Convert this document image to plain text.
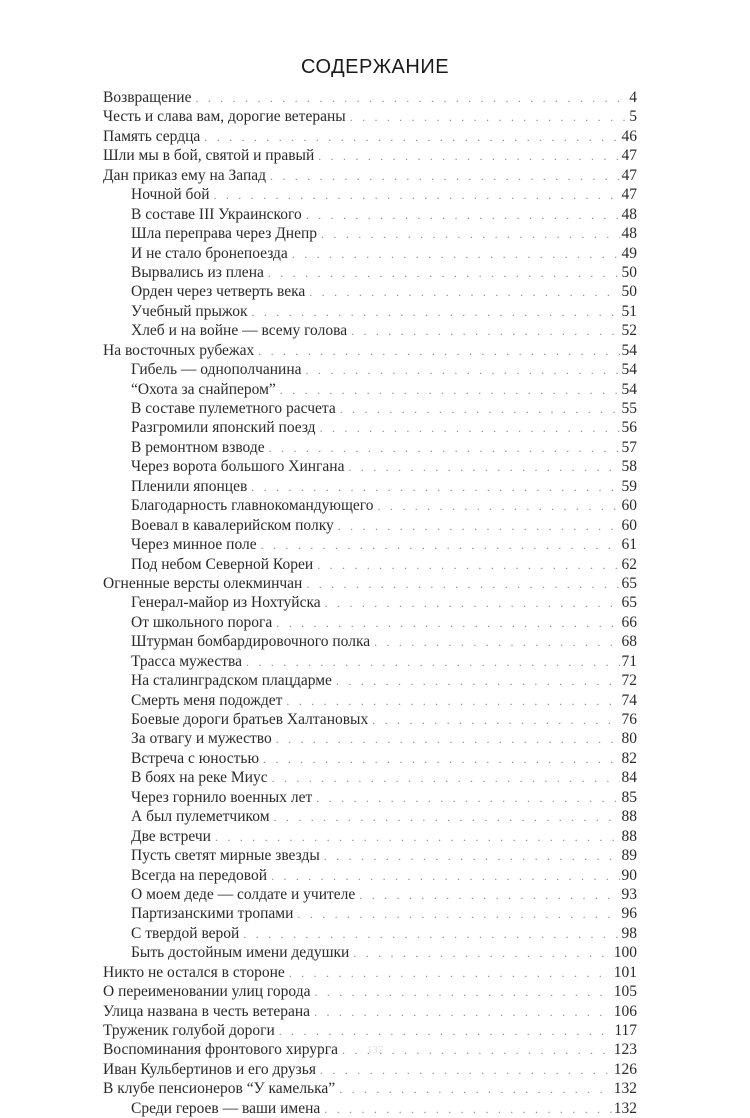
СОДЕРЖАНИЕ
Возвращение . . .	4
Честь и слава вам, дорогие ветераны . . .	5
Память сердца . . .	46
Шли мы в бой, святой и правый . . .	47
Дан приказ ему на Запад . . .	47
Ночной бой . . .	47
В составе III Украинского . . .	48
Шла переправа через Днепр . . .	48
И не стало бронепоезда . . .	49
Вырвались из плена . . .	50
Орден через четверть века . . .	50
Учебный прыжок . . .	51
Хлеб и на войне — всему голова . . .	52
На восточных рубежах . . .	54
Гибель — однополчанина . . .	54
“Охота за снайпером” . . .	54
В составе пулеметного расчета . . .	55
Разгромили японский поезд . . .	56
В ремонтном взводе . . .	57
Через ворота большого Хингана . . .	58
Пленили японцев . . .	59
Благодарность главнокомандующего . . .	60
Воевал в кавалерийском полку . . .	60
Через минное поле . . .	61
Под небом Северной Кореи . . .	62
Огненные версты олекминчан . . .	65
Генерал-майор из Нохтуйска . . .	65
От школьного порога . . .	66
Штурман бомбардировочного полка . . .	68
Трасса мужества . . .	71
На сталинградском плацдарме . . .	72
Смерть меня подождет . . .	74
Боевые дороги братьев Халтановых . . .	76
За отвагу и мужество . . .	80
Встреча с юностью . . .	82
В боях на реке Миус . . .	84
Через горнило военных лет . . .	85
А был пулеметчиком . . .	88
Две встречи . . .	88
Пусть светят мирные звезды . . .	89
Всегда на передовой . . .	90
О моем деде — солдате и учителе . . .	93
Партизанскими тропами . . .	96
С твердой верой . . .	98
Быть достойным имени дедушки . . .	100
Никто не остался в стороне . . .	101
О переименовании улиц города . . .	105
Улица названа в честь ветерана . . .	106
Труженик голубой дороги . . .	117
Воспоминания фронтового хирурга . . .	123
Иван Кульбертинов и его друзья . . .	126
В клубе пенсионеров “У камелька” . . .	132
Среди героев — ваши имена . . .	132
137
